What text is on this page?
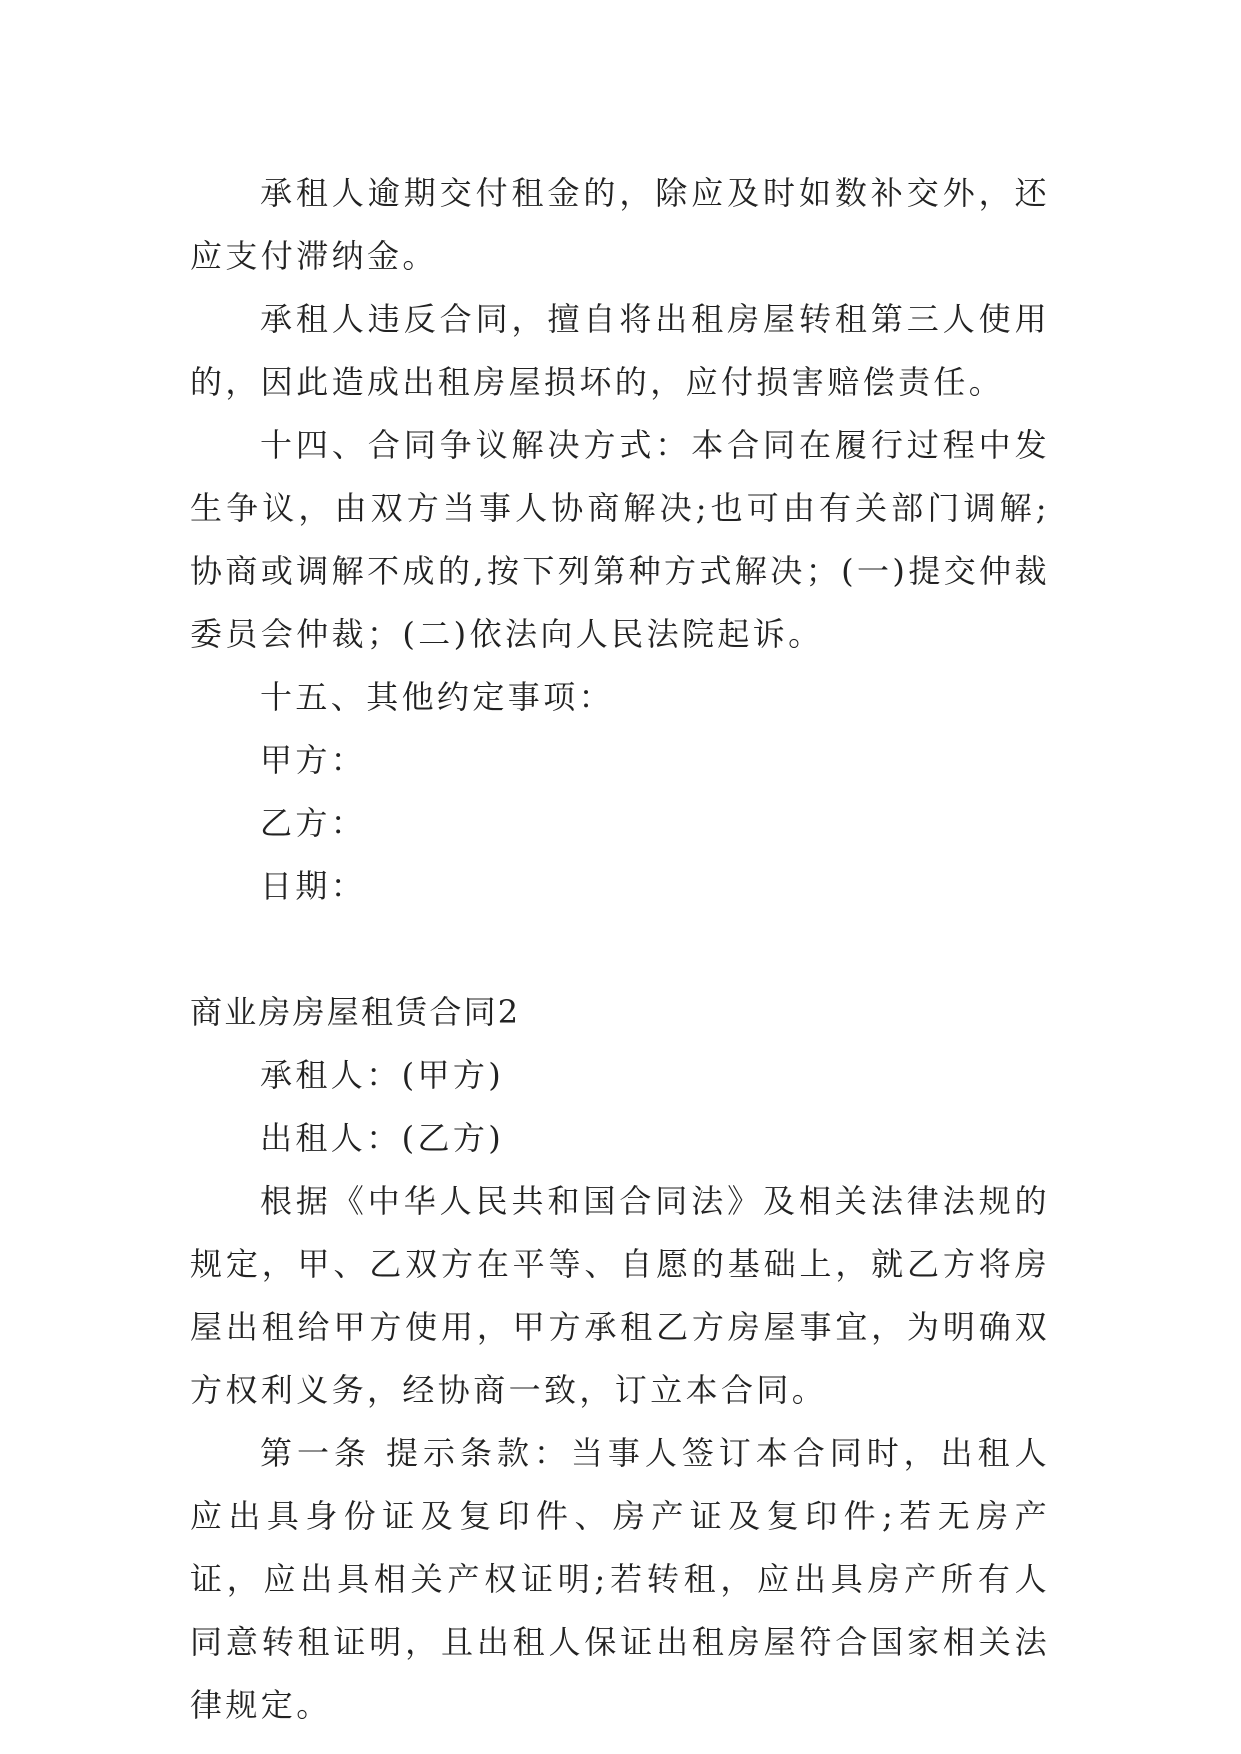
承租人逾期交付租金的，除应及时如数补交外，还应支付滞纳金。

承租人违反合同，擅自将出租房屋转租第三人使用的，因此造成出租房屋损坏的，应付损害赔偿责任。

十四、合同争议解决方式：本合同在履行过程中发生争议，由双方当事人协商解决;也可由有关部门调解;协商或调解不成的,按下列第种方式解决；(一)提交仲裁委员会仲裁；(二)依法向人民法院起诉。

十五、其他约定事项：

甲方：

乙方：

日期：

商业房房屋租赁合同2

承租人：(甲方)

出租人：(乙方)

根据《中华人民共和国合同法》及相关法律法规的规定，甲、乙双方在平等、自愿的基础上，就乙方将房屋出租给甲方使用，甲方承租乙方房屋事宜，为明确双方权利义务，经协商一致，订立本合同。

第一条 提示条款：当事人签订本合同时，出租人应出具身份证及复印件、房产证及复印件;若无房产证，应出具相关产权证明;若转租，应出具房产所有人同意转租证明，且出租人保证出租房屋符合国家相关法律规定。
